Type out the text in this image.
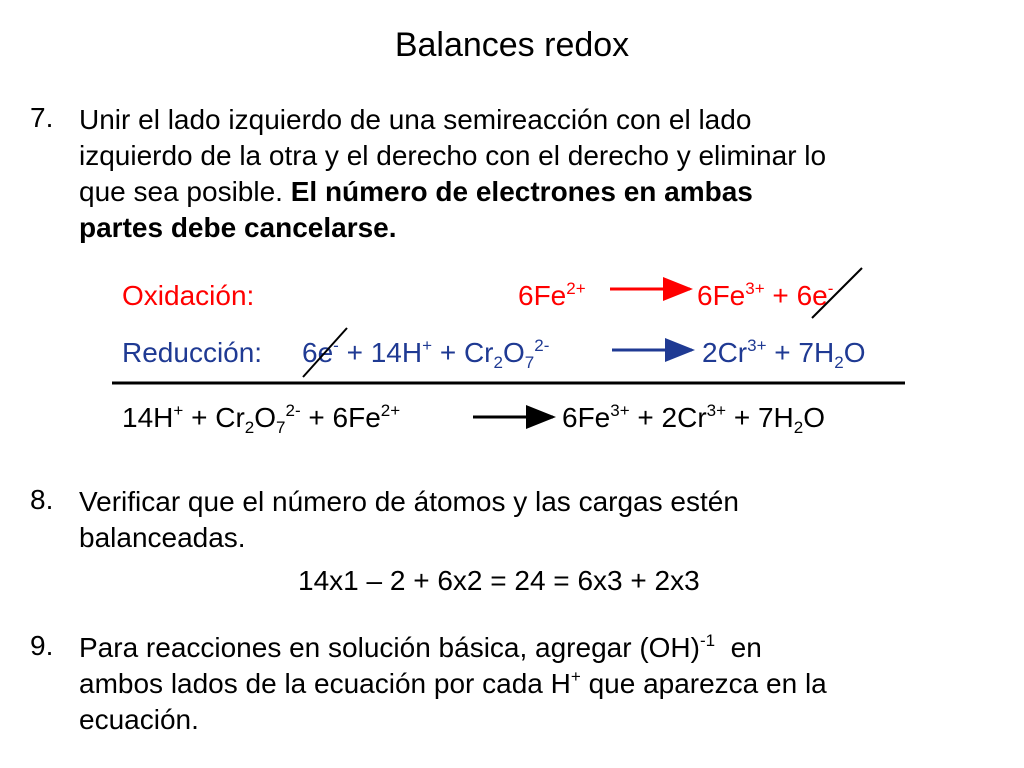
Balances redox
7. Unir el lado izquierdo de una semireacción con el lado
izquierdo de la otra y el derecho con el derecho y eliminar lo
que sea posible. El número de electrones en ambas
partes debe cancelarse.
Oxidación:	$6Fe^{2+}$	$6Fe^{3+} + 6e^-$
Reducción: $6e^- + 14H^+ + Cr_2O_7^{2-}$	$2Cr^{3+} + 7H_2O$
$14H^+ + Cr_2O_7^{2-} + 6Fe^{2+}$	$6Fe^{3+} + 2Cr^{3+} + 7H_2O$
8. Verificar que el número de átomos y las cargas estén
balanceadas.
14x1 – 2 + 6x2 = 24 = 6x3 + 2x3
9. Para reacciones en solución básica, agregar (OH)$^{-1}$  en
ambos lados de la ecuación por cada H+ que aparezca en la
ecuación.
